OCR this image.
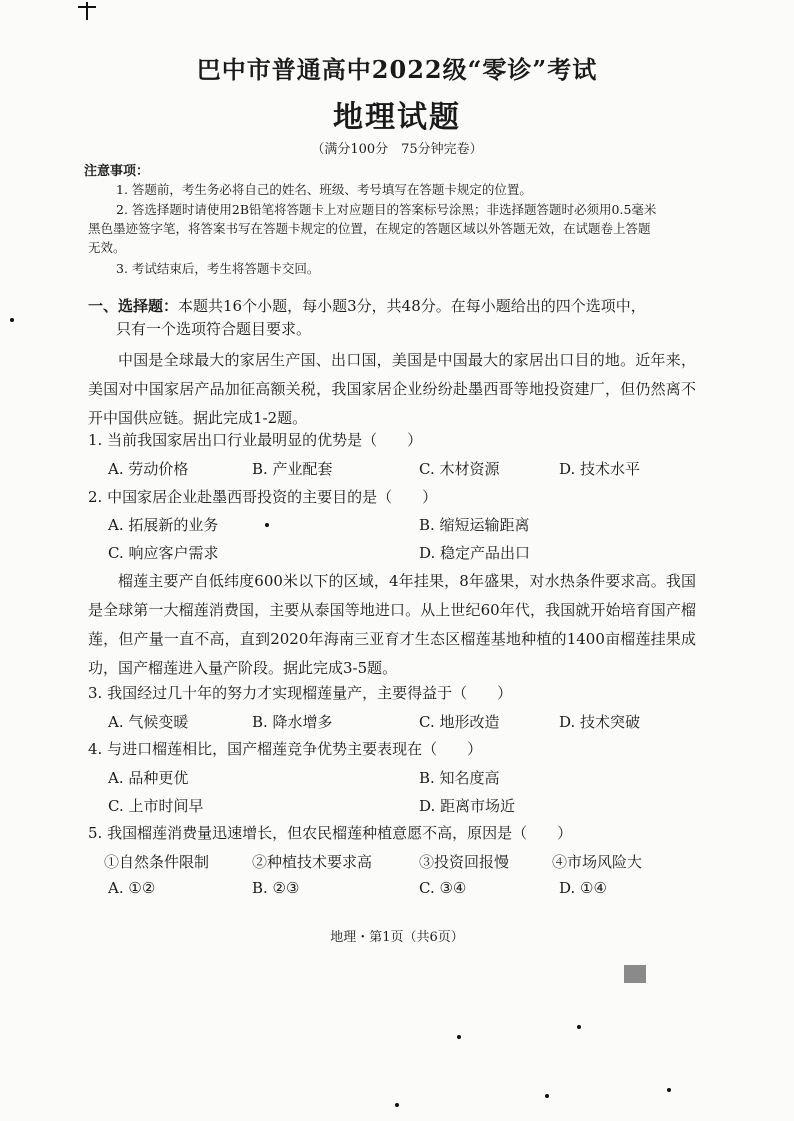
巴中市普通高中2022级“零诊”考试
地理试题
（满分100分　75分钟完卷）
注意事项：
1. 答题前，考生务必将自己的姓名、班级、考号填写在答题卡规定的位置。
2. 答选择题时请使用2B铅笔将答题卡上对应题目的答案标号涂黑；非选择题答题时必须用0.5毫米黑色墨迹签字笔，将答案书写在答题卡规定的位置，在规定的答题区域以外答题无效，在试题卷上答题无效。
3. 考试结束后，考生将答题卡交回。
一、选择题：本题共16个小题，每小题3分，共48分。在每小题给出的四个选项中，
只有一个选项符合题目要求。
中国是全球最大的家居生产国、出口国，美国是中国最大的家居出口目的地。近年来，美国对中国家居产品加征高额关税，我国家居企业纷纷赴墨西哥等地投资建厂，但仍然离不开中国供应链。据此完成1-2题。
1. 当前我国家居出口行业最明显的优势是（　　）
A. 劳动价格	B. 产业配套	C. 木材资源	D. 技术水平
2. 中国家居企业赴墨西哥投资的主要目的是（　　）
A. 拓展新的业务	B. 缩短运输距离
C. 响应客户需求	D. 稳定产品出口
榴莲主要产自低纬度600米以下的区域，4年挂果，8年盛果，对水热条件要求高。我国是全球第一大榴莲消费国，主要从泰国等地进口。从上世纪60年代，我国就开始培育国产榴莲，但产量一直不高，直到2020年海南三亚育才生态区榴莲基地种植的1400亩榴莲挂果成功，国产榴莲进入量产阶段。据此完成3-5题。
3. 我国经过几十年的努力才实现榴莲量产，主要得益于（　　）
A. 气候变暖	B. 降水增多	C. 地形改造	D. 技术突破
4. 与进口榴莲相比，国产榴莲竞争优势主要表现在（　　）
A. 品种更优	B. 知名度高
C. 上市时间早	D. 距离市场近
5. 我国榴莲消费量迅速增长，但农民榴莲种植意愿不高，原因是（　　）
①自然条件限制	②种植技术要求高	③投资回报慢	④市场风险大
A. ①②	B. ②③	C. ③④	D. ①④
地理・第1页（共6页）
